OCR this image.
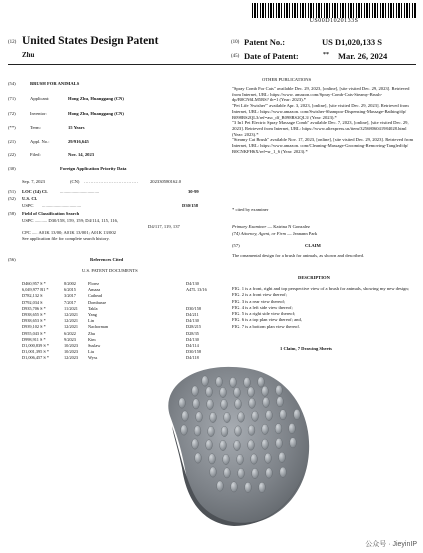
US00D1020133S
(12) United States Design Patent
Zhu
(10) Patent No.:	US D1,020,133 S
(45) Date of Patent:	** Mar. 26, 2024
(54)	BRUSH FOR ANIMALS
(71)	Applicant:	Hong Zhu, Huanggang (CN)
(72)	Inventor:	Hong Zhu, Huanggang (CN)
(**)	Term:	15 Years
(21)	Appl. No.:	29/916,645
(22)	Filed:	Nov. 14, 2023
(30)	Foreign Application Priority Data
Sep. 7, 2023	(CN) .................................	202330580162.0
(51) LOC (14) Cl.	..................................	30-99
(52) U.S. Cl.
USPC ..................................	D30/158
(58) Field of Classification Search
USPC ........... D30/158, 159, 159; D4/114, 115, 116,
D4/117, 119, 137
CPC ..... A01K 13/00; A01K 13/001; A01K 13/002
See application file for complete search history.
(56)	References Cited
U.S. PATENT DOCUMENTS
D460,957 S *	8/2002	Florez	D4/130
6,049,977 B1 *	6/2015	Amaza	A47L 13/16
D782,132 S	3/2017	Cathead
D792,034 S	7/2017	Dombusse
D935,706 S *	11/2021 Takla	D30/158
D938,655 S *	12/2021 Yang	D4/211
D938,653 S *	12/2021 Lin	D4/130
D939,102 S *	12/2021 Nachorman	D28/215
D955,043 S *	6/2022	Zhu	D28/35
D998,911 S *	9/2023	Kim	D4/130
D1,000,839 S *	10/2023 Suslaw	D4/114
D1,001,395 S *	10/2023 Liu	D30/158
D1,006,457 S *	12/2023 Wyss	D4/118
OTHER PUBLICATIONS
"Spray Comb For Cats" available Dec. 29, 2023, [online], [site visited Dec. 29, 2023]. Retrieved from Internet, URL: https://www. amazon.com/Spray-Comb-Cats-Steamy-Brush-dp/B0CN6LM5RS? th=1 (Year: 2023).*
"Pet Life 'Swisher'" available Apr. 3, 2023, [online], [site visited Dec. 29, 2023]. Retrieved from Internet, URL: https://www.amazon. com/Swisher-Shampoo-Dispensing-Massage-Bathing/dp/ B098RS2QL3/ref=asc_df_B098RS2QL3/ (Year: 2023).*
"3 In1 Pet Electric Spray Massage Comb" available Dec. 7, 2023, [online], [site visited Dec. 29, 2023]. Retrieved from Internet, URL: https://www.aliexpress.us/item/3256806041984028.html (Year: 2023).*
"Steamy Cat Brush" available Nov. 17, 2023, [online], [site visited Dec. 29, 2023]. Retrieved from Internet, URL: https://www.amazon. com/Cleaning-Massage-Grooming-Removing-Tangled/dp/ B0CNKFH6X/ref=sr_1_6 (Year: 2023).*
* cited by examiner
Primary Examiner — Katrina N Gonzalez
(74) Attorney, Agent, or Firm — Jeanann Park
(57)	CLAIM
The ornamental design for a brush for animals, as shown and described.
DESCRIPTION
FIG. 1 is a front, right and top perspective view of a brush for animals, showing my new design;
FIG. 2 is a front view thereof;
FIG. 3 is a rear view thereof;
FIG. 4 is a left side view thereof;
FIG. 5 is a right side view thereof;
FIG. 6 is a top plan view thereof; and,
FIG. 7 is a bottom plan view thereof.
1 Claim, 7 Drawing Sheets
公众号 · JieyinIP
